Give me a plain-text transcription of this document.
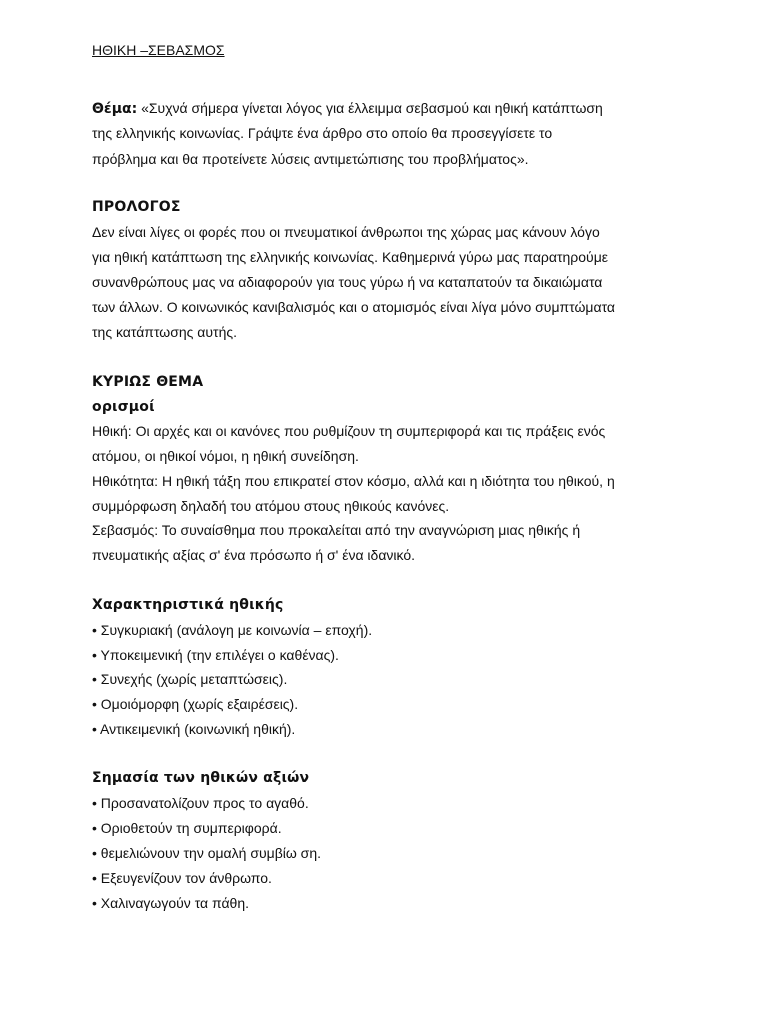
ΗΘΙΚΗ –ΣΕΒΑΣΜΟΣ
Θέμα: «Συχνά σήμερα γίνεται λόγος για έλλειμμα σεβασμού και ηθική κατάπτωση
της ελληνικής κοινωνίας. Γράψτε ένα άρθρο στο οποίο θα προσεγγίσετε το
πρόβλημα και θα προτείνετε λύσεις αντιμετώπισης του προβλήματος».
ΠΡΟΛΟΓΟΣ
Δεν είναι λίγες οι φορές που οι πνευματικοί άνθρωποι της χώρας μας κάνουν λόγο
για ηθική κατάπτωση της ελληνικής κοινωνίας. Καθημερινά γύρω μας παρατηρούμε
συνανθρώπους μας να αδιαφορούν για τους γύρω ή να καταπατούν τα δικαιώματα
των άλλων. Ο κοινωνικός κανιβαλισμός και ο ατομισμός είναι λίγα μόνο συμπτώματα
της κατάπτωσης αυτής.
ΚΥΡΙΩΣ ΘΕΜΑ
ορισμοί
Ηθική: Οι αρχές και οι κανόνες που ρυθμίζουν τη συμπεριφορά και τις πράξεις ενός
ατόμου, οι ηθικοί νόμοι, η ηθική συνείδηση.
Ηθικότητα: Η ηθική τάξη που επικρατεί στον κόσμο, αλλά και η ιδιότητα του ηθικού, η
συμμόρφωση δηλαδή του ατόμου στους ηθικούς κανόνες.
Σεβασμός: Το συναίσθημα που προκαλείται από την αναγνώριση μιας ηθικής ή
πνευματικής αξίας σ' ένα πρόσωπο ή σ' ένα ιδανικό.
Χαρακτηριστικά ηθικής
• Συγκυριακή (ανάλογη με κοινωνία – εποχή).
• Υποκειμενική (την επιλέγει ο καθένας).
• Συνεχής (χωρίς μεταπτώσεις).
• Ομοιόμορφη (χωρίς εξαιρέσεις).
• Αντικειμενική (κοινωνική ηθική).
Σημασία των ηθικών αξιών
• Προσανατολίζουν προς το αγαθό.
• Οριοθετούν τη συμπεριφορά.
• θεμελιώνουν την ομαλή συμβίω ση.
• Εξευγενίζουν τον άνθρωπο.
• Χαλιναγωγούν τα πάθη.
